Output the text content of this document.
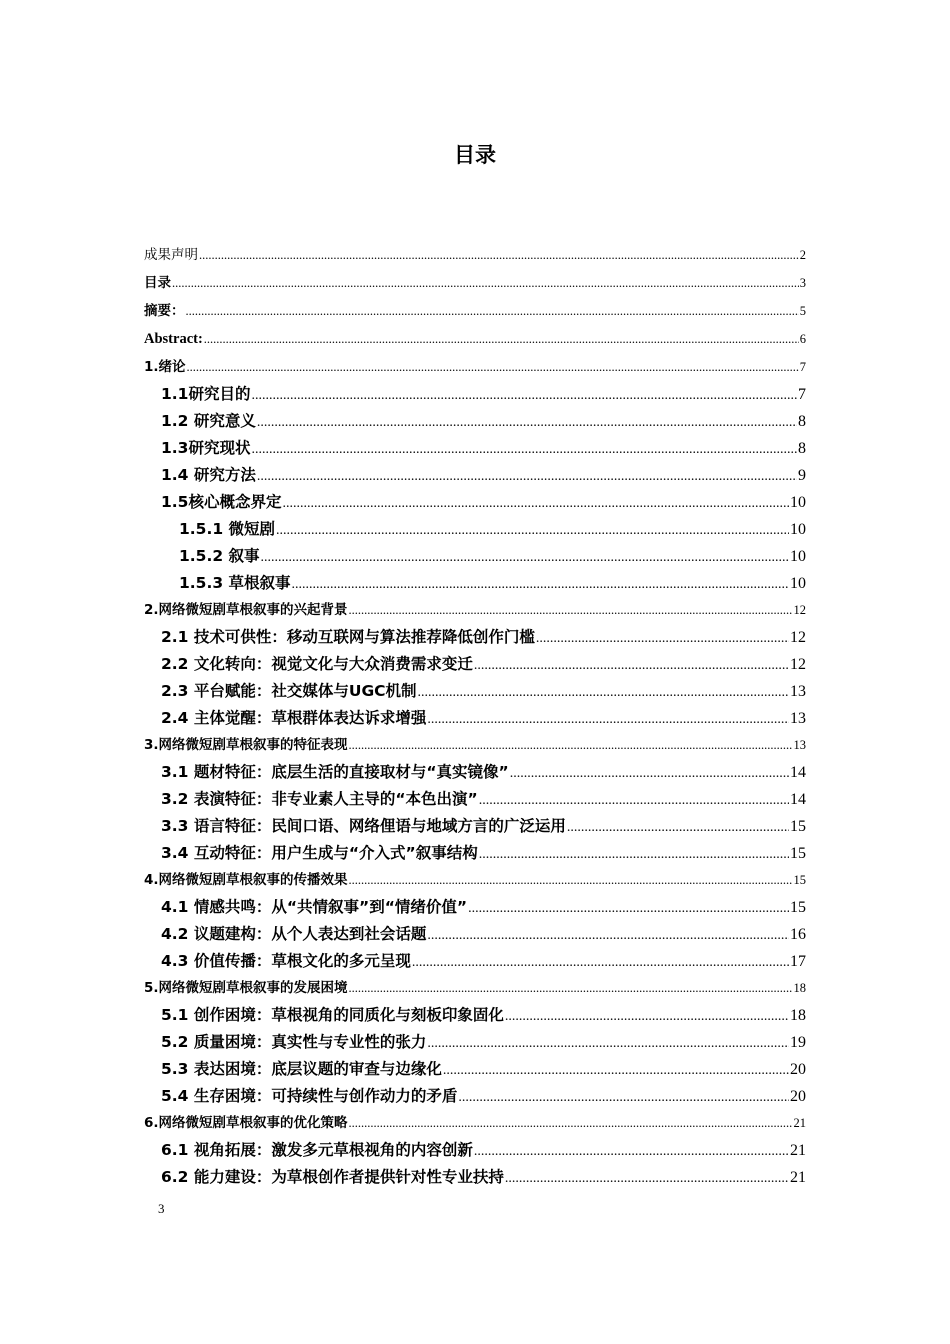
目录
成果声明 .....	2
目录 .....	3
摘要： .....	5
Abstract: .....	6
1.绪论 .....	7
1.1研究目的 .....	7
1.2 研究意义 .....	8
1.3研究现状 .....	8
1.4 研究方法 .....	9
1.5核心概念界定 .....	10
1.5.1 微短剧 .....	10
1.5.2 叙事 .....	10
1.5.3 草根叙事 .....	10
2.网络微短剧草根叙事的兴起背景 .....	12
2.1 技术可供性：移动互联网与算法推荐降低创作门槛 .....	12
2.2 文化转向：视觉文化与大众消费需求变迁 .....	12
2.3 平台赋能：社交媒体与UGC机制 .....	13
2.4 主体觉醒：草根群体表达诉求增强 .....	13
3.网络微短剧草根叙事的特征表现 .....	13
3.1 题材特征：底层生活的直接取材与“真实镜像” .....	14
3.2 表演特征：非专业素人主导的“本色出演” .....	14
3.3 语言特征：民间口语、网络俚语与地域方言的广泛运用 .....	15
3.4 互动特征：用户生成与“介入式”叙事结构 .....	15
4.网络微短剧草根叙事的传播效果 .....	15
4.1 情感共鸣：从“共情叙事”到“情绪价值” .....	15
4.2 议题建构：从个人表达到社会话题 .....	16
4.3 价值传播：草根文化的多元呈现 .....	17
5.网络微短剧草根叙事的发展困境 .....	18
5.1 创作困境：草根视角的同质化与刻板印象固化 .....	18
5.2 质量困境：真实性与专业性的张力 .....	19
5.3 表达困境：底层议题的审查与边缘化 .....	20
5.4 生存困境：可持续性与创作动力的矛盾 .....	20
6.网络微短剧草根叙事的优化策略 .....	21
6.1 视角拓展：激发多元草根视角的内容创新 .....	21
6.2 能力建设：为草根创作者提供针对性专业扶持 .....	21
3
